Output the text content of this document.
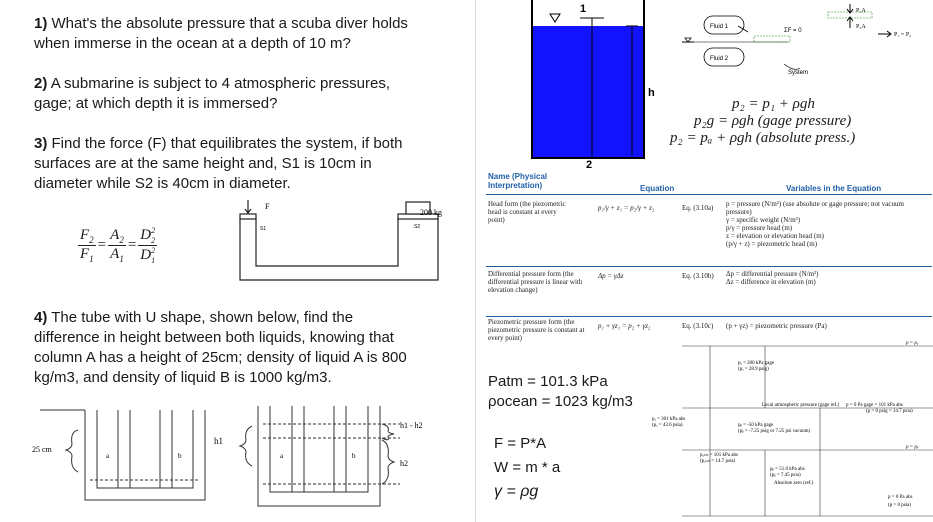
1) What's the absolute pressure that a scuba diver holds
when immerse in the ocean at a depth of 10 m?
2) A submarine is subject to 4 atmospheric pressures,
gage; at which depth it is immersed?
3) Find the force (F) that equilibrates the system, if both
surfaces are at the same height and, S1 is 10cm in
diameter while S2 is 40cm in diameter.
$\frac{F_2}{F_1} = \frac{A_2}{A_1} = \frac{D^2_2}{D^2_1}$
F
200 kg
S1	S2
4) The tube with U shape, shown below, find the
difference in height between both liquids, knowing that
column A has a height of 25cm; density of liquid A is 800
kg/m3, and density of liquid B is 1000 kg/m3.
25 cm
a	b
h1
a	b
h1 - h2
h2
1
2
h
Fluid 1
Fluid 2
ΣF = 0
System
P₁A
P₂A
P₁ = P₂
p₂ = p₁ + ρgh
p₂g = ρgh (gage pressure)
p₂ = pₐ + ρgh (absolute press.)
Name (Physical Interpretation)	Equation	Variables in the Equation
Head form (the piezometric head is constant at every point)
p₁/γ + z₁ = p₂/γ + z₂	Eq. (3.10a) p = pressure (N/m²) (use absolute or gage pressure; not vacuum pressure)
γ = specific weight (N/m³)
p/γ = pressure head (m)
z = elevation or elevation head (m)
(p/γ + z) = piezometric head (m)
Differential pressure form (the differential pressure is linear with elevation change)
Δp = γΔz	Eq. (3.10b) Δp = differential pressure (N/m²)
Δz = difference in elevation (m)
Piezometric pressure form (the piezometric pressure is constant at every point)
p₁ + γz₁ = p₂ + γz₂	Eq. (3.10c) (p + γz) = piezometric pressure (Pa)
Patm = 101.3 kPa
ρocean = 1023 kg/m3
F = P*A
W = m * a
γ = ρg
p = pₐ
pₐ = 200 kPa gage
(pₐ = 28.9 psig)
Local atmospheric pressure (gage ref.) p = 0 Pa gage = 101 kPa abs
(p = 0 psig = 14.7 psia)
pₐ = 301 kPa abs
(pₐ = 43.6 psia)	pᵦ = -50 kPa gage
(pᵦ = -7.25 psig or 7.25 psi vacuum)
p = pᵦ
pₐₜₘ = 101 kPa abs
(pₐₜₘ = 14.7 psia)
pᵦ = 51.0 kPa abs
(pᵦ = 7.45 psia)
Absolute zero (ref.)
p = 0 Pa abs
(p = 0 psia)
